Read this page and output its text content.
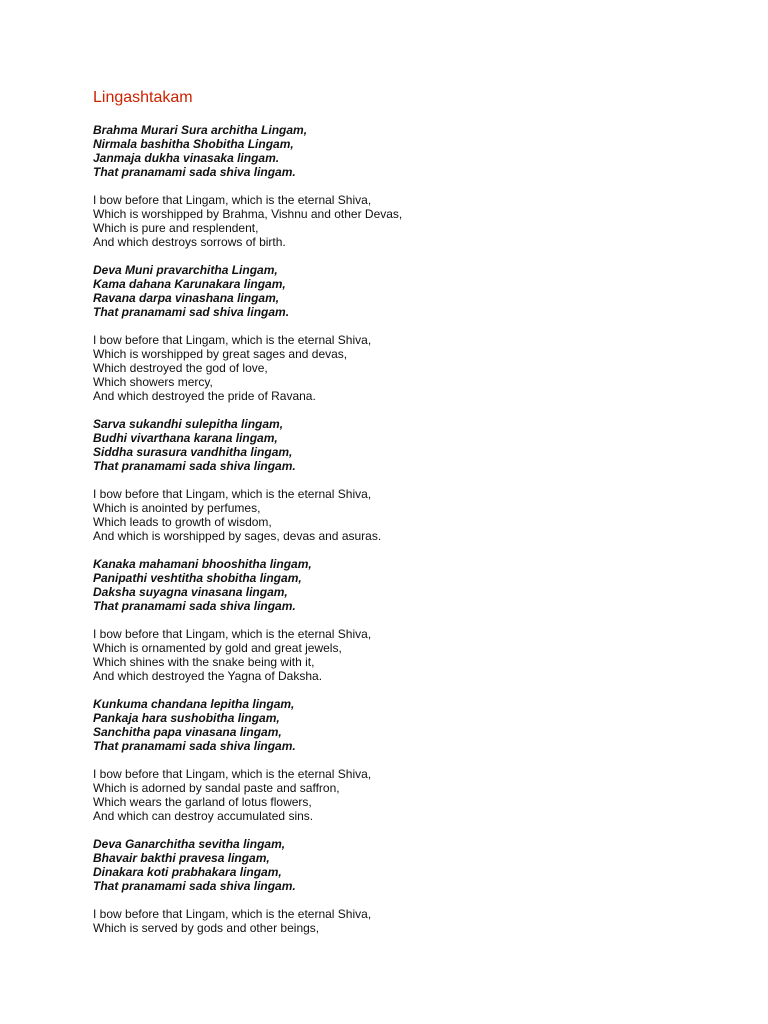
Lingashtakam
Brahma Murari Sura architha Lingam,
Nirmala bashitha Shobitha Lingam,
Janmaja dukha vinasaka lingam.
That pranamami sada shiva lingam.
I bow before that Lingam, which is the eternal Shiva,
Which is worshipped by Brahma, Vishnu and other Devas,
Which is pure and resplendent,
And which destroys sorrows of birth.
Deva Muni pravarchitha Lingam,
Kama dahana Karunakara lingam,
Ravana darpa vinashana lingam,
That pranamami sad shiva lingam.
I bow before that Lingam, which is the eternal Shiva,
Which is worshipped by great sages and devas,
Which destroyed the god of love,
Which showers mercy,
And which destroyed the pride of Ravana.
Sarva sukandhi sulepitha lingam,
Budhi vivarthana karana lingam,
Siddha surasura vandhitha lingam,
That pranamami sada shiva lingam.
I bow before that Lingam, which is the eternal Shiva,
Which is anointed by perfumes,
Which leads to growth of wisdom,
And which is worshipped by sages, devas and asuras.
Kanaka mahamani bhooshitha lingam,
Panipathi veshtitha shobitha lingam,
Daksha suyagna vinasana lingam,
That pranamami sada shiva lingam.
I bow before that Lingam, which is the eternal Shiva,
Which is ornamented by gold and great jewels,
Which shines with the snake being with it,
And which destroyed the Yagna of Daksha.
Kunkuma chandana lepitha lingam,
Pankaja hara sushobitha lingam,
Sanchitha papa vinasana lingam,
That pranamami sada shiva lingam.
I bow before that Lingam, which is the eternal Shiva,
Which is adorned by sandal paste and saffron,
Which wears the garland of lotus flowers,
And which can destroy accumulated sins.
Deva Ganarchitha sevitha lingam,
Bhavair bakthi pravesa lingam,
Dinakara koti prabhakara lingam,
That pranamami sada shiva lingam.
I bow before that Lingam, which is the eternal Shiva,
Which is served by gods and other beings,
